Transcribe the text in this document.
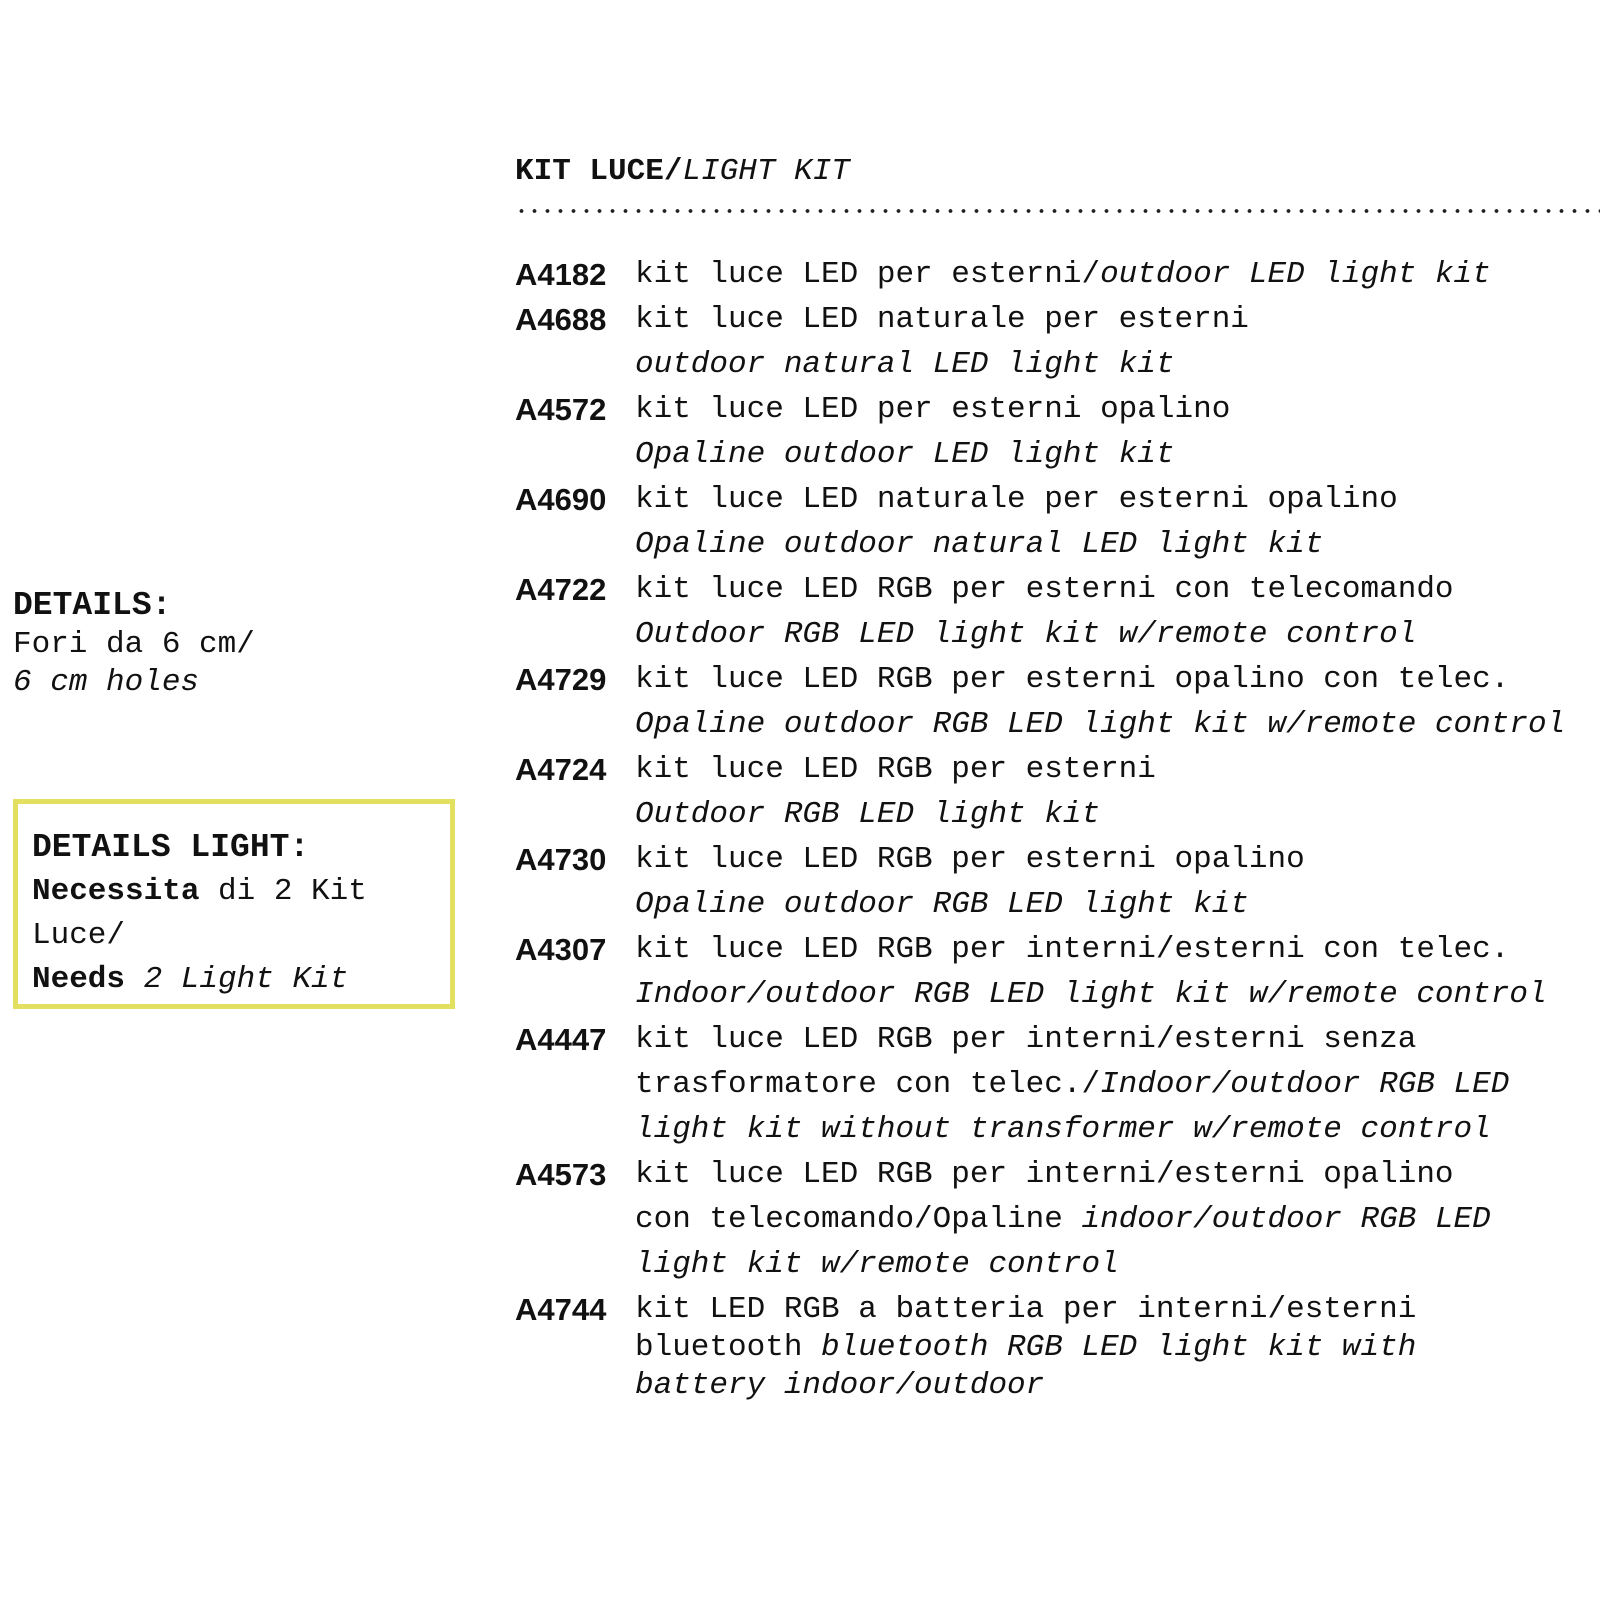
DETAILS:
Fori da 6 cm/
6 cm holes
DETAILS LIGHT:
Necessita di 2 Kit
Luce/
Needs 2 Light Kit
KIT LUCE/LIGHT KIT
A4182 kit luce LED per esterni/outdoor LED light kit
A4688 kit luce LED naturale per esterni
outdoor natural LED light kit
A4572 kit luce LED per esterni opalino
Opaline outdoor LED light kit
A4690 kit luce LED naturale per esterni opalino
Opaline outdoor natural LED light kit
A4722 kit luce LED RGB per esterni con telecomando
Outdoor RGB LED light kit w/remote control
A4729 kit luce LED RGB per esterni opalino con telec.
Opaline outdoor RGB LED light kit w/remote control
A4724 kit luce LED RGB per esterni
Outdoor RGB LED light kit
A4730 kit luce LED RGB per esterni opalino
Opaline outdoor RGB LED light kit
A4307 kit luce LED RGB per interni/esterni con telec.
Indoor/outdoor RGB LED light kit w/remote control
A4447 kit luce LED RGB per interni/esterni senza
trasformatore con telec./Indoor/outdoor RGB LED
light kit without transformer w/remote control
A4573 kit luce LED RGB per interni/esterni opalino
con telecomando/Opaline indoor/outdoor RGB LED
light kit w/remote control
A4744 kit LED RGB a batteria per interni/esterni
bluetooth bluetooth RGB LED light kit with
battery indoor/outdoor
